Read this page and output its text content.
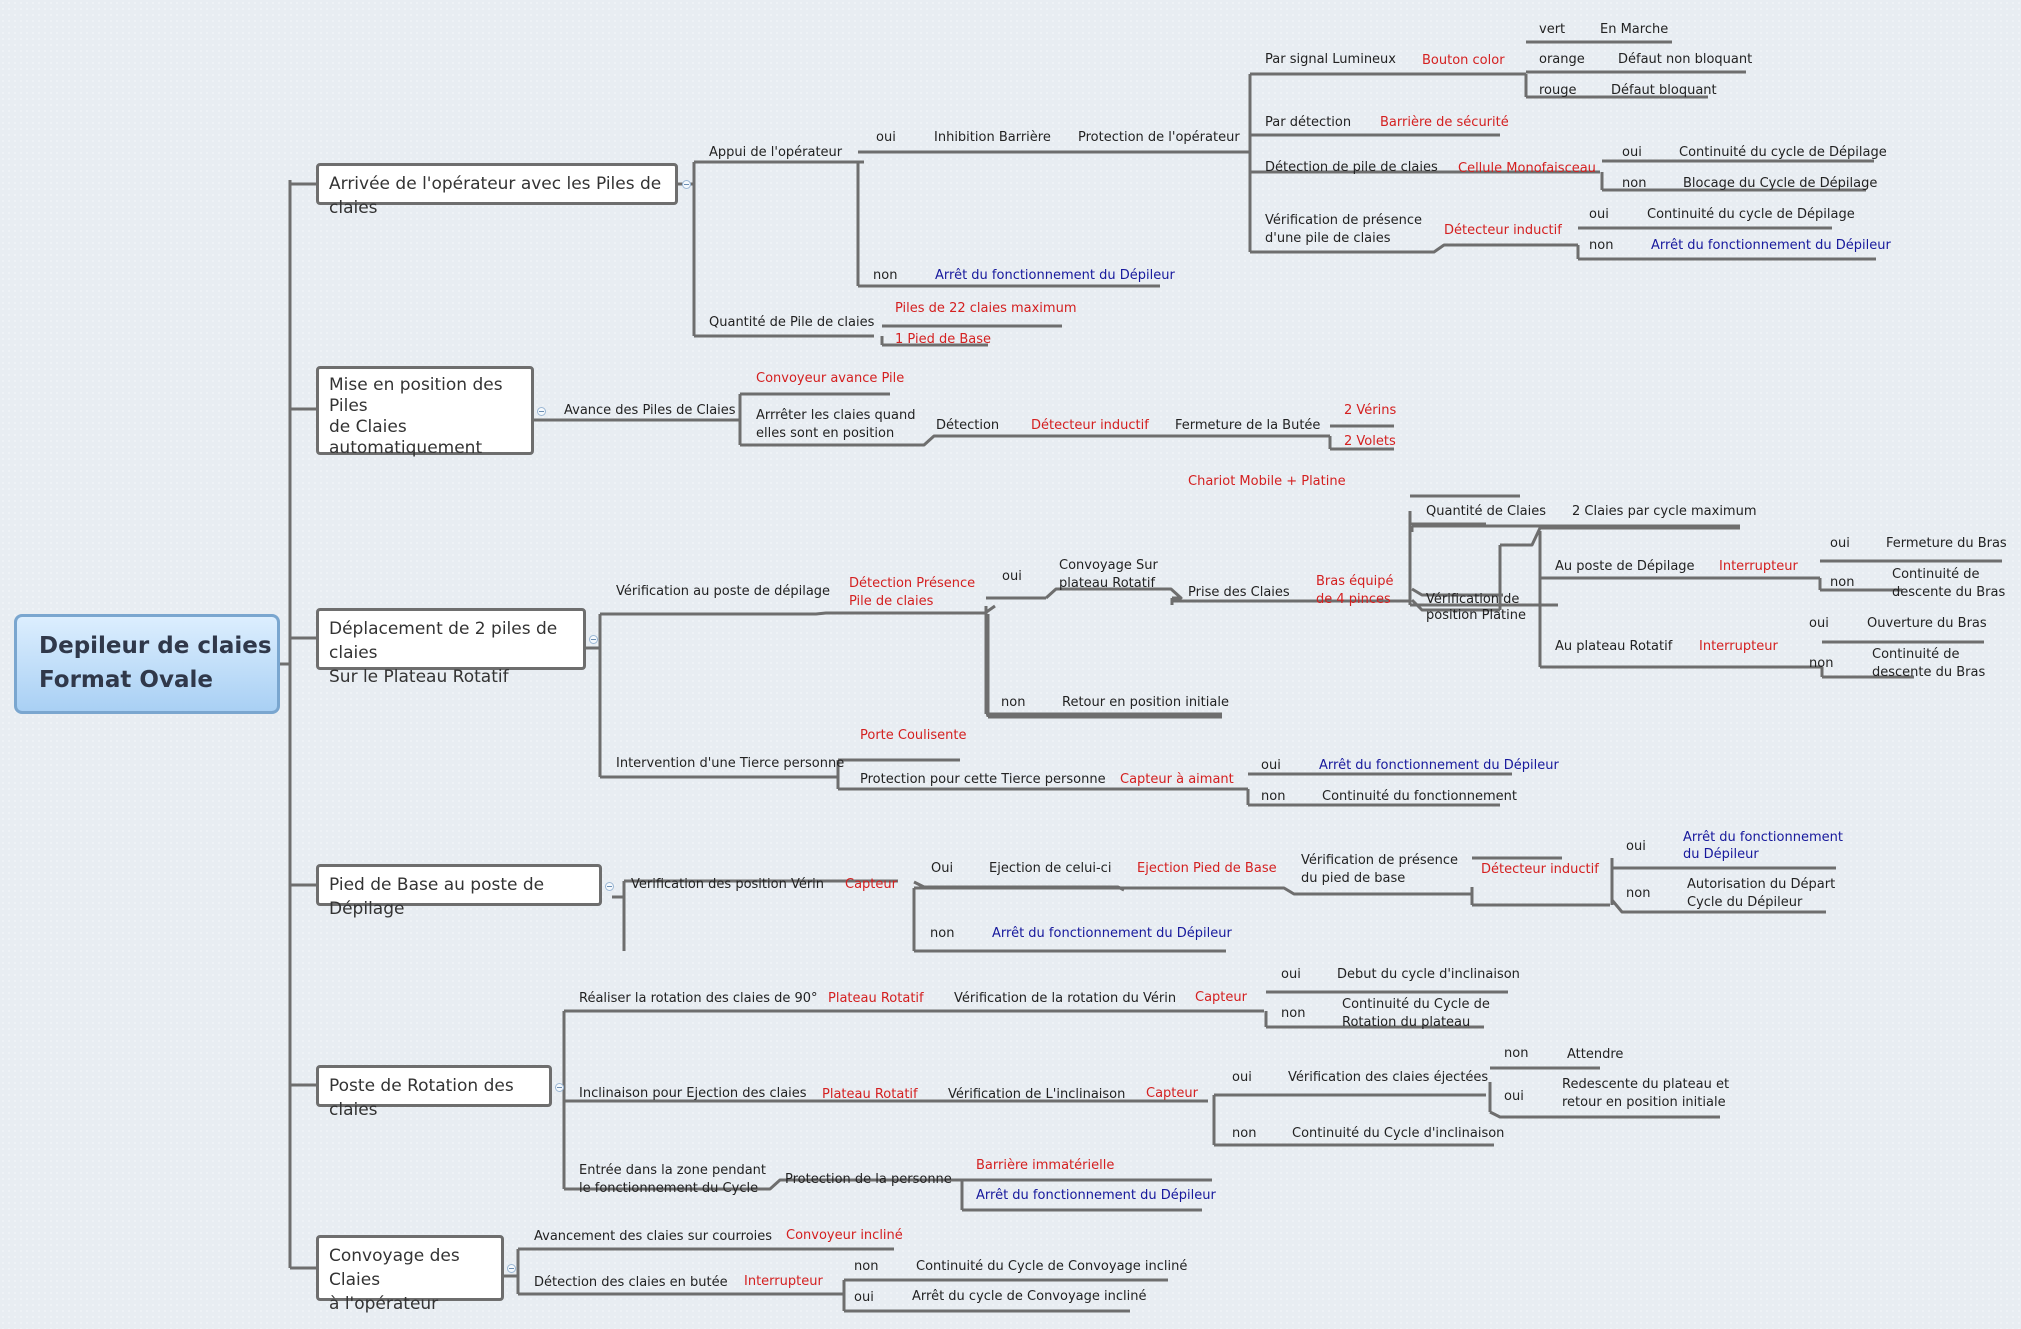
Depileur de claies
Format Ovale
Arrivée de l'opérateur avec les Piles de claies
Mise en position des Piles
de Claies
automatiquement
Déplacement de 2 piles de claies
Sur le Plateau Rotatif
Pied de Base au poste de Dépilage
Poste de Rotation des claies
Convoyage des Claies
à l'opérateur
Appui de l'opérateur
oui	Inhibition Barrière Protection de l'opérateur
Par signal Lumineux Bouton color
vert	En Marche
orange	Défaut non bloquant
rouge	Défaut bloquant
Par détection Barrière de sécurité
Détection de pile de claies Cellule Monofaisceau
oui	Continuité du cycle de Dépilage
non	Blocage du Cycle de Dépilage
Vérification de présence
d'une pile de claies
Détecteur inductif
oui	Continuité du cycle de Dépilage
non	Arrêt du fonctionnement du Dépileur
non	Arrêt du fonctionnement du Dépileur
Quantité de Pile de claies
Piles de 22 claies maximum
1 Pied de Base
Avance des Piles de Claies
Convoyeur avance Pile
Arrrêter les claies quand
elles sont en position
Détection Détecteur inductif Fermeture de la Butée
2 Vérins
2 Volets
Vérification au poste de dépilage
Détection Présence
Pile de claies
oui
Convoyage Sur
plateau Rotatif
Chariot Mobile + Platine
Prise des Claies
Bras équipé
de 4 pinces
Quantité de Claies 2 Claies par cycle maximum
Vérification de
position Platine
Au poste de Dépilage Interrupteur
oui	Fermeture du Bras
non
Continuité de
descente du Bras
Au plateau Rotatif Interrupteur
oui	Ouverture du Bras
non
Continuité de
descente du Bras
non	Retour en position initiale
Intervention d'une Tierce personne
Porte Coulisente
Protection pour cette Tierce personne Capteur à aimant
oui	Arrêt du fonctionnement du Dépileur
non	Continuité du fonctionnement
Verification des position Vérin Capteur
Oui	Ejection de celui-ci Ejection Pied de Base
Vérification de présence
du pied de base
Détecteur inductif
oui
Arrêt du fonctionnement
du Dépileur
non
Autorisation du Départ
Cycle du Dépileur
non	Arrêt du fonctionnement du Dépileur
Réaliser la rotation des claies de 90° Plateau Rotatif Vérification de la rotation du Vérin Capteur
oui	Debut du cycle d'inclinaison
non
Continuité du Cycle de
Rotation du plateau
Inclinaison pour Ejection des claies Plateau Rotatif Vérification de L'inclinaison Capteur
oui	Vérification des claies éjectées
non	Attendre
oui
Redescente du plateau et
retour en position initiale
non	Continuité du Cycle d'inclinaison
Entrée dans la zone pendant
le fonctionnement du Cycle
Protection de la personne
Barrière immatérielle
Arrêt du fonctionnement du Dépileur
Avancement des claies sur courroies Convoyeur incliné
Détection des claies en butée Interrupteur
non	Continuité du Cycle de Convoyage incliné
oui	Arrêt du cycle de Convoyage incliné
